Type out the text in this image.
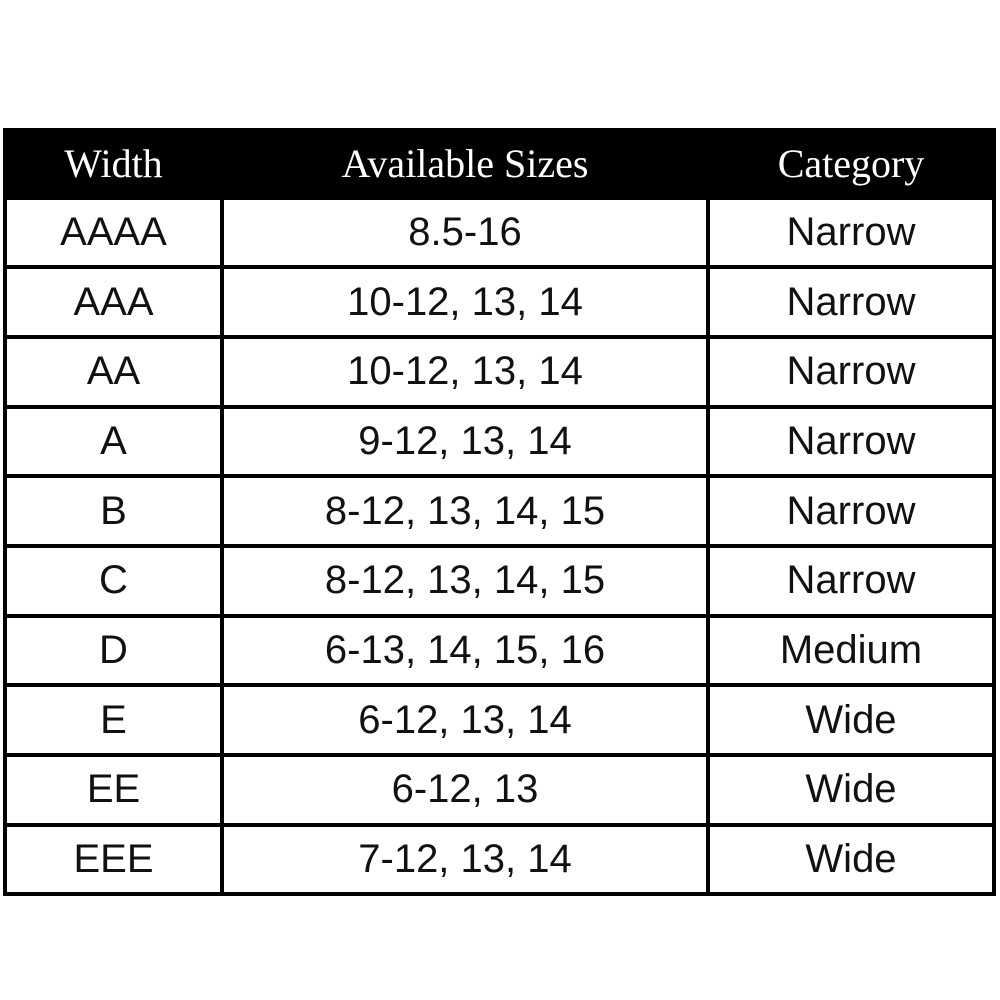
Width	Available Sizes	Category
AAAA	8.5-16	Narrow
AAA	10-12, 13, 14	Narrow
AA	10-12, 13, 14	Narrow
A	9-12, 13, 14	Narrow
B	8-12, 13, 14, 15	Narrow
C	8-12, 13, 14, 15	Narrow
D	6-13, 14, 15, 16	Medium
E	6-12, 13, 14	Wide
EE	6-12, 13	Wide
EEE	7-12, 13, 14	Wide
